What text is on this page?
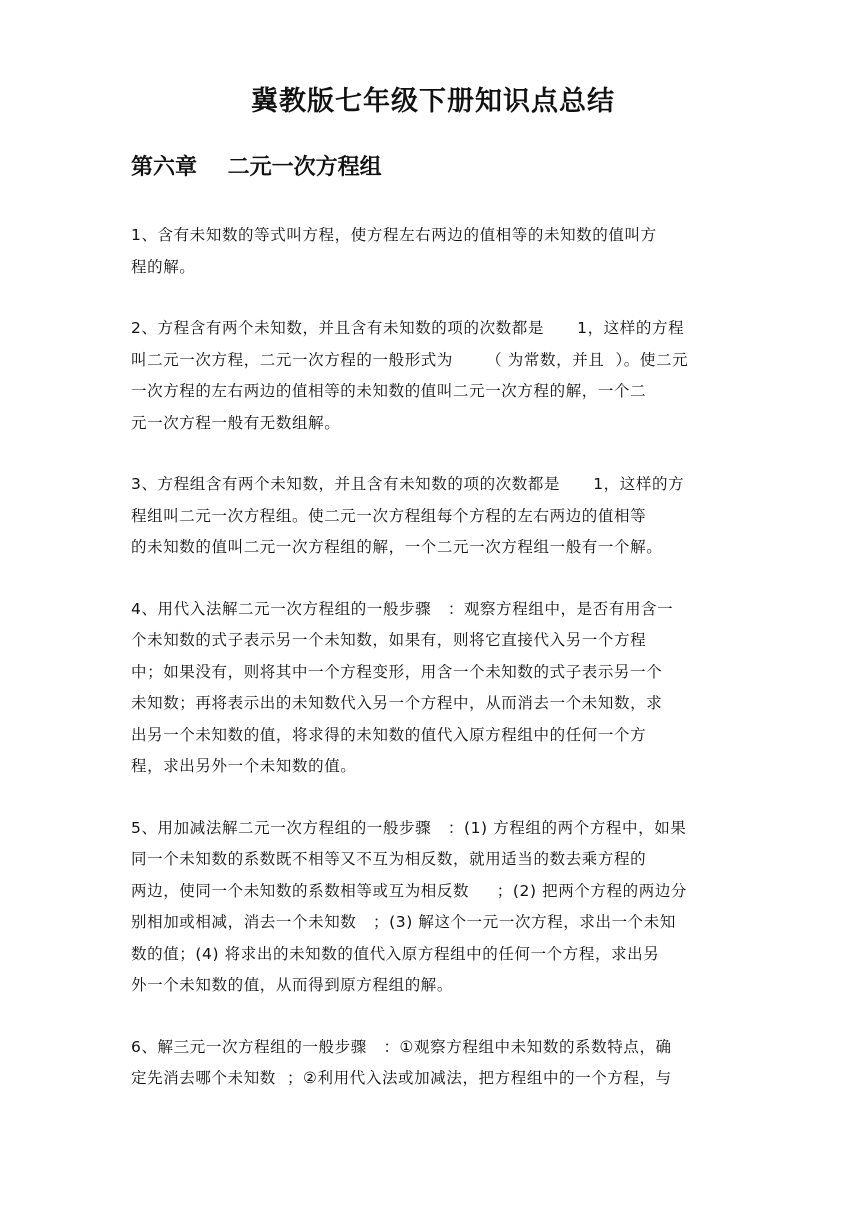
冀教版七年级下册知识点总结
第六章    二元一次方程组

1、含有未知数的等式叫方程，使方程左右两边的值相等的未知数的值叫方
程的解。

2、方程含有两个未知数，并且含有未知数的项的次数都是      1，这样的方程
叫二元一次方程，二元一次方程的一般形式为      （ 为常数，并且  ）。使二元
一次方程的左右两边的值相等的未知数的值叫二元一次方程的解，一个二
元一次方程一般有无数组解。

3、方程组含有两个未知数，并且含有未知数的项的次数都是      1，这样的方
程组叫二元一次方程组。使二元一次方程组每个方程的左右两边的值相等
的未知数的值叫二元一次方程组的解，一个二元一次方程组一般有一个解。

4、用代入法解二元一次方程组的一般步骤   ：观察方程组中，是否有用含一
个未知数的式子表示另一个未知数，如果有，则将它直接代入另一个方程
中；如果没有，则将其中一个方程变形，用含一个未知数的式子表示另一个
未知数；再将表示出的未知数代入另一个方程中，从而消去一个未知数，求
出另一个未知数的值，将求得的未知数的值代入原方程组中的任何一个方
程，求出另外一个未知数的值。

5、用加减法解二元一次方程组的一般步骤   ：(1) 方程组的两个方程中，如果
同一个未知数的系数既不相等又不互为相反数，就用适当的数去乘方程的
两边，使同一个未知数的系数相等或互为相反数     ；(2) 把两个方程的两边分
别相加或相减，消去一个未知数   ；(3) 解这个一元一次方程，求出一个未知
数的值；(4) 将求出的未知数的值代入原方程组中的任何一个方程，求出另
外一个未知数的值，从而得到原方程组的解。

6、解三元一次方程组的一般步骤   ：①观察方程组中未知数的系数特点，确
定先消去哪个未知数  ；②利用代入法或加减法，把方程组中的一个方程，与
